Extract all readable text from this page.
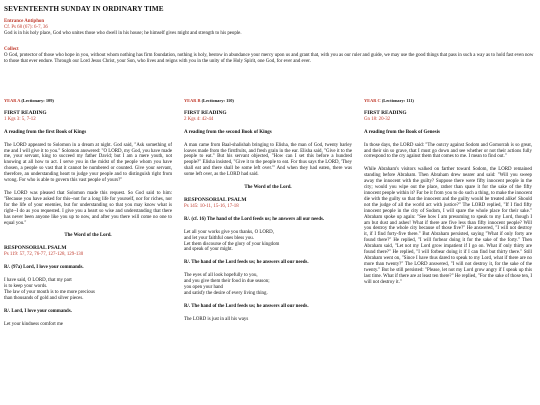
SEVENTEENTH SUNDAY IN ORDINARY TIME
Entrance Antiphon
Cf. Ps 68 (67): 6-7, 36
God is in his holy place, God who unites those who dwell in his house; he himself gives might and strength to his people.
Collect
O God, protector of those who hope in you, without whom nothing has firm foundation, nothing is holy, bestow in abundance your mercy upon us and grant that, with you as our ruler and guide, we may use the good things that pass in such a way as to hold fast even now to those that ever endure. Through our Lord Jesus Christ, your Son, who lives and reigns with you in the unity of the Holy Spirit, one God, for ever and ever.
YEAR A (Lectionary: 109)
FIRST READING
1 Kgs 3: 5, 7-12
A reading from the first Book of Kings
The LORD appeared to Solomon in a dream at night. God said, "Ask something of me and I will give it to you." Solomon answered: "O LORD, my God, you have made me, your servant, king to succeed my father David; but I am a mere youth, not knowing at all how to act. I serve you in the midst of the people whom you have chosen, a people so vast that it cannot be numbered or counted. Give your servant, therefore, an understanding heart to judge your people and to distinguish right from wrong. For who is able to govern this vast people of yours?"
The LORD was pleased that Solomon made this request. So God said to him: "Because you have asked for this--not for a long life for yourself, nor for riches, nor for the life of your enemies, but for understanding so that you may know what is right--I do as you requested. I give you a heart so wise and understanding that there has never been anyone like you up to now, and after you there will come no one to equal you."
The Word of the Lord.
RESPONSORIAL PSALM
Ps 119: 57, 72, 76-77, 127-128, 129-130
R/. (97a) Lord, I love your commands.
I have said, O LORD, that my part
is to keep your words.
The law of your mouth is to me more precious
than thousands of gold and silver pieces.
R/. Lord, I love your commands.
Let your kindness comfort me
YEAR B (Lectionary: 110)
FIRST READING
2 Kgs 4: 42-44
A reading from the second Book of Kings
A man came from Baal-shalishah bringing to Elisha, the man of God, twenty barley loaves made from the firstfruits, and fresh grain in the ear. Elisha said, "Give it to the people to eat." But his servant objected, "How can I set this before a hundred people?" Elisha insisted, "Give it to the people to eat. For thus says the LORD, 'They shall eat and there shall be some left over.'" And when they had eaten, there was some left over, as the LORD had said.
The Word of the Lord.
RESPONSORIAL PSALM
Ps 145: 10-11, 15-16, 17-18
R/. (cf. 16) The hand of the Lord feeds us; he answers all our needs.
Let all your works give you thanks, O LORD,
and let your faithful ones bless you.
Let them discourse of the glory of your kingdom
and speak of your might.
R/. The hand of the Lord feeds us; he answers all our needs.
The eyes of all look hopefully to you,
and you give them their food in due season;
you open your hand
and satisfy the desire of every living thing.
R/. The hand of the Lord feeds us; he answers all our needs.
The LORD is just in all his ways
YEAR C (Lectionary: 111)
FIRST READING
Gn 18: 20-32
A reading from the Book of Genesis
In those days, the LORD said: "The outcry against Sodom and Gomorrah is so great, and their sin so grave, that I must go down and see whether or not their actions fully correspond to the cry against them that comes to me. I mean to find out."
While Abraham's visitors walked on farther toward Sodom, the LORD remained standing before Abraham. Then Abraham drew nearer and said: "Will you sweep away the innocent with the guilty? Suppose there were fifty innocent people in the city; would you wipe out the place, rather than spare it for the sake of the fifty innocent people within it? Far be it from you to do such a thing, to make the innocent die with the guilty so that the innocent and the guilty would be treated alike! Should not the judge of all the world act with justice?" The LORD replied, "If I find fifty innocent people in the city of Sodom, I will spare the whole place for their sake." Abraham spoke up again: "See how I am presuming to speak to my Lord, though I am but dust and ashes! What if there are five less than fifty innocent people? Will you destroy the whole city because of those five?" He answered, "I will not destroy it, if I find forty-five there." But Abraham persisted, saying "What if only forty are found there?" He replied, "I will forbear doing it for the sake of the forty." Then Abraham said, "Let not my Lord grow impatient if I go on. What if only thirty are found there?" He replied, "I will forbear doing it if I can find but thirty there." Still Abraham went on, "Since I have thus dared to speak to my Lord, what if there are no more than twenty?" The LORD answered, "I will not destroy it, for the sake of the twenty." But he still persisted: "Please, let not my Lord grow angry if I speak up this last time. What if there are at least ten there?" He replied, "For the sake of those ten, I will not destroy it."
